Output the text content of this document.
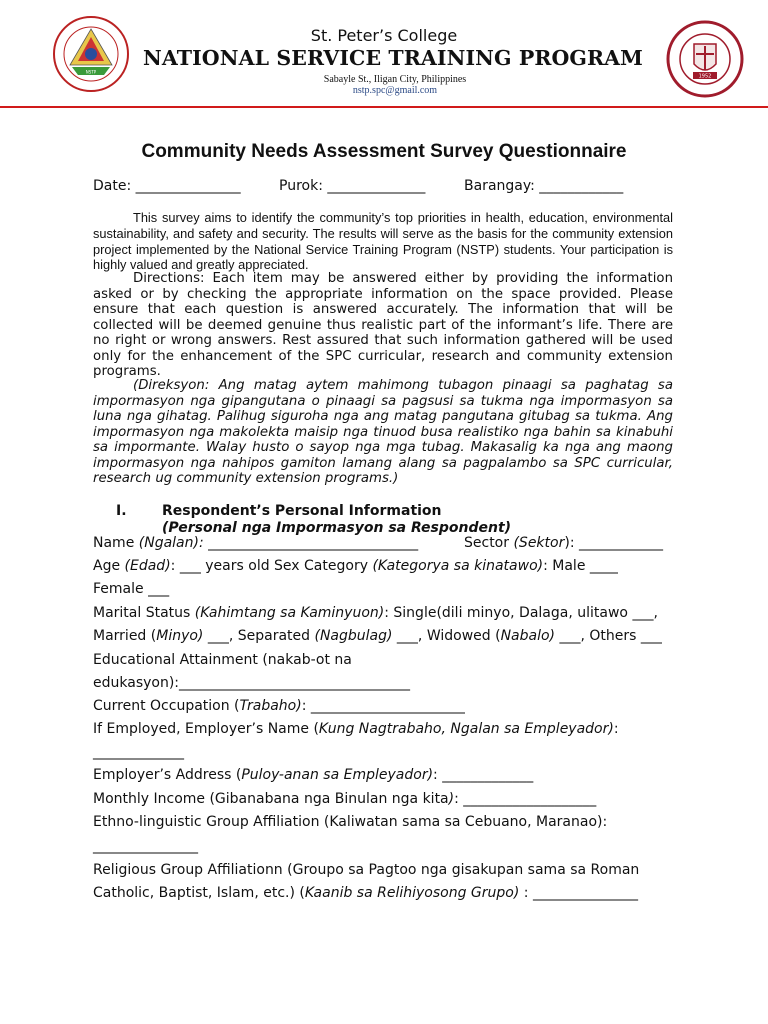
NSTP
1952
St. Peter’s College
NATIONAL SERVICE TRAINING PROGRAM
Sabayle St., Iligan City, Philippines
nstp.spc@gmail.com
Community Needs Assessment Survey Questionnaire
Date: _______________	Purok: ______________	Barangay: ____________
This survey aims to identify the community’s top priorities in health, education, environmental sustainability, and safety and security. The results will serve as the basis for the community extension project implemented by the National Service Training Program (NSTP) students. Your participation is highly valued and greatly appreciated.
Directions: Each item may be answered either by providing the information asked or by checking the appropriate information on the space provided. Please ensure that each question is answered accurately. The information that will be collected will be deemed genuine thus realistic part of the informant’s life. There are no right or wrong answers. Rest assured that such information gathered will be used only for the enhancement of the SPC curricular, research and community extension programs.
(Direksyon: Ang matag aytem mahimong tubagon pinaagi sa paghatag sa impormasyon nga gipangutana o pinaagi sa pagsusi sa tukma nga impormasyon sa luna nga gihatag. Palihug siguroha nga ang matag pangutana gitubag sa tukma. Ang impormasyon nga makolekta maisip nga tinuod busa realistiko nga bahin sa kinabuhi sa impormante. Walay husto o sayop nga mga tubag. Makasalig ka nga ang maong impormasyon nga nahipos gamiton lamang alang sa pagpalambo sa SPC curricular, research ug community extension programs.)
I.	Respondent’s Personal Information
(Personal nga Impormasyon sa Respondent)
Name (Ngalan): ______________________________	Sector (Sektor): ____________
Age (Edad): ___ years old Sex Category (Kategorya sa kinatawo): Male ____
Female ___
Marital Status (Kahimtang sa Kaminyuon): Single(dili minyo, Dalaga, ulitawo ___,
Married (Minyo) ___, Separated (Nagbulag) ___, Widowed (Nabalo) ___, Others ___
Educational Attainment (nakab-ot na
edukasyon):_________________________________
Current Occupation (Trabaho): ______________________
If Employed, Employer’s Name (Kung Nagtrabaho, Ngalan sa Empleyador):
_____________
Employer’s Address (Puloy-anan sa Empleyador): _____________
Monthly Income (Gibanabana nga Binulan nga kita): ___________________
Ethno-linguistic Group Affiliation (Kaliwatan sama sa Cebuano, Maranao):
_______________
Religious Group Affiliationn (Groupo sa Pagtoo nga gisakupan sama sa Roman
Catholic, Baptist, Islam, etc.) (Kaanib sa Relihiyosong Grupo) : _______________
